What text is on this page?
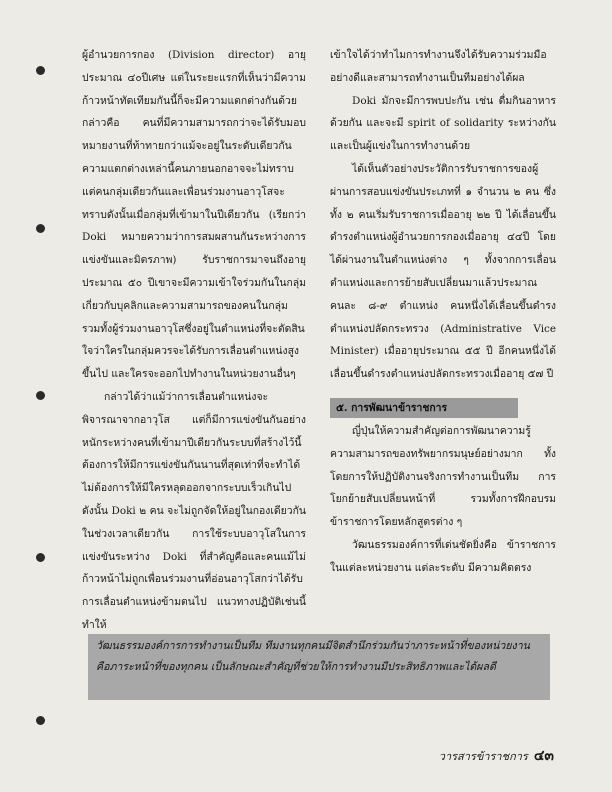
ผู้อำนวยการกอง (Division director) อายุประมาณ ๔๐ปีเศษ แต่ในระยะแรกที่เห็นว่ามีความก้าวหน้าทัดเทียมกันนี้ก็จะมีความแตกต่างกันด้วย กล่าวคือ คนที่มีความสามารถกว่าจะได้รับมอบหมายงานที่ท้าทายกว่าแม้จะอยู่ในระดับเดียวกันความแตกต่างเหล่านี้คนภายนอกอาจจะไม่ทราบแต่คนกลุ่มเดียวกันและเพื่อนร่วมงานอาวุโสจะทราบดังนั้นเมื่อกลุ่มที่เข้ามาในปีเดียวกัน (เรียกว่า Doki หมายความว่าการสมผสานกันระหว่างการแข่งขันและมิตรภาพ) รับราชการมาจนถึงอายุประมาณ ๕๐ ปีเขาจะมีความเข้าใจร่วมกันในกลุ่มเกี่ยวกับบุคลิกและความสามารถของคนในกลุ่ม รวมทั้งผู้ร่วมงานอาวุโสซึ่งอยู่ในตำแหน่งที่จะตัดสินใจว่าใครในกลุ่มควรจะได้รับการเลื่อนตำแหน่งสูงขึ้นไป และใครจะออกไปทำงานในหน่วยงานอื่นๆ

กล่าวได้ว่าแม้ว่าการเลื่อนตำแหน่งจะพิจารณาจากอาวุโส แต่ก็มีการแข่งขันกันอย่างหนักระหว่างคนที่เข้ามาปีเดียวกันระบบที่สร้างไว้นี้ต้องการให้มีการแข่งขันกันนานที่สุดเท่าที่จะทำได้ไม่ต้องการให้มีใครหลุดออกจากระบบเร็วเกินไป ดังนั้น Doki ๒ คน จะไม่ถูกจัดให้อยู่ในกองเดียวกันในช่วงเวลาเดียวกัน การใช้ระบบอาวุโสในการแข่งขันระหว่าง Doki ที่สำคัญคือและคนแม้ไม่ก้าวหน้าไม่ถูกเพื่อนร่วมงานที่อ่อนอาวุโสกว่าได้รับการเลื่อนตำแหน่งข้ามตนไป แนวทางปฏิบัติเช่นนี้ทำให้

เข้าใจได้ว่าทำไมการทำงานจึงได้รับความร่วมมืออย่างดีและสามารถทำงานเป็นทีมอย่างได้ผล

Doki มักจะมีการพบปะกัน เช่น ดื่มกินอาหารด้วยกัน และจะมี spirit of solidarity ระหว่างกันและเป็นผู้แข่งในการทำงานด้วย

ได้เห็นตัวอย่างประวัติการรับราชการของผู้ผ่านการสอบแข่งขันประเภทที่ ๑ จำนวน ๒ คน ซึ่งทั้ง ๒ คนเริ่มรับราชการเมื่ออายุ ๒๒ ปี ได้เลื่อนขึ้นดำรงตำแหน่งผู้อำนวยการกองเมื่ออายุ ๔๔ปี โดยได้ผ่านงานในตำแหน่งต่าง ๆ ทั้งจากการเลื่อนตำแหน่งและการย้ายสับเปลี่ยนมาแล้วประมาณ คนละ ๘-๙ ตำแหน่ง คนหนึ่งได้เลื่อนขึ้นดำรงตำแหน่งปลัดกระทรวง (Administrative Vice Minister) เมื่ออายุประมาณ ๕๕ ปี อีกคนหนึ่งได้เลื่อนขึ้นดำรงตำแหน่งปลัดกระทรวงเมื่ออายุ ๕๗ ปี

๕. การพัฒนาข้าราชการ

ญี่ปุ่นให้ความสำคัญต่อการพัฒนาความรู้ความสามารถของทรัพยากรมนุษย์อย่างมาก ทั้งโดยการให้ปฏิบัติงานจริงการทำงานเป็นทีม การโยกย้ายสับเปลี่ยนหน้าที่ รวมทั้งการฝึกอบรมข้าราชการโดยหลักสูตรต่าง ๆ

วัฒนธรรมองค์การที่เด่นชัดยิ่งคือ ข้าราชการในแต่ละหน่วยงาน แต่ละระดับ มีความคิดตรง

วัฒนธรรมองค์การการทำงานเป็นทีม ทีมงานทุกคนมีจิตสำนึกร่วมกันว่าภาระหน้าที่ของหน่วยงานคือภาระหน้าที่ของทุกคน เป็นลักษณะสำคัญที่ช่วยให้การทำงานมีประสิทธิภาพและได้ผลดี
วารสารข้าราชการ ๔๓
